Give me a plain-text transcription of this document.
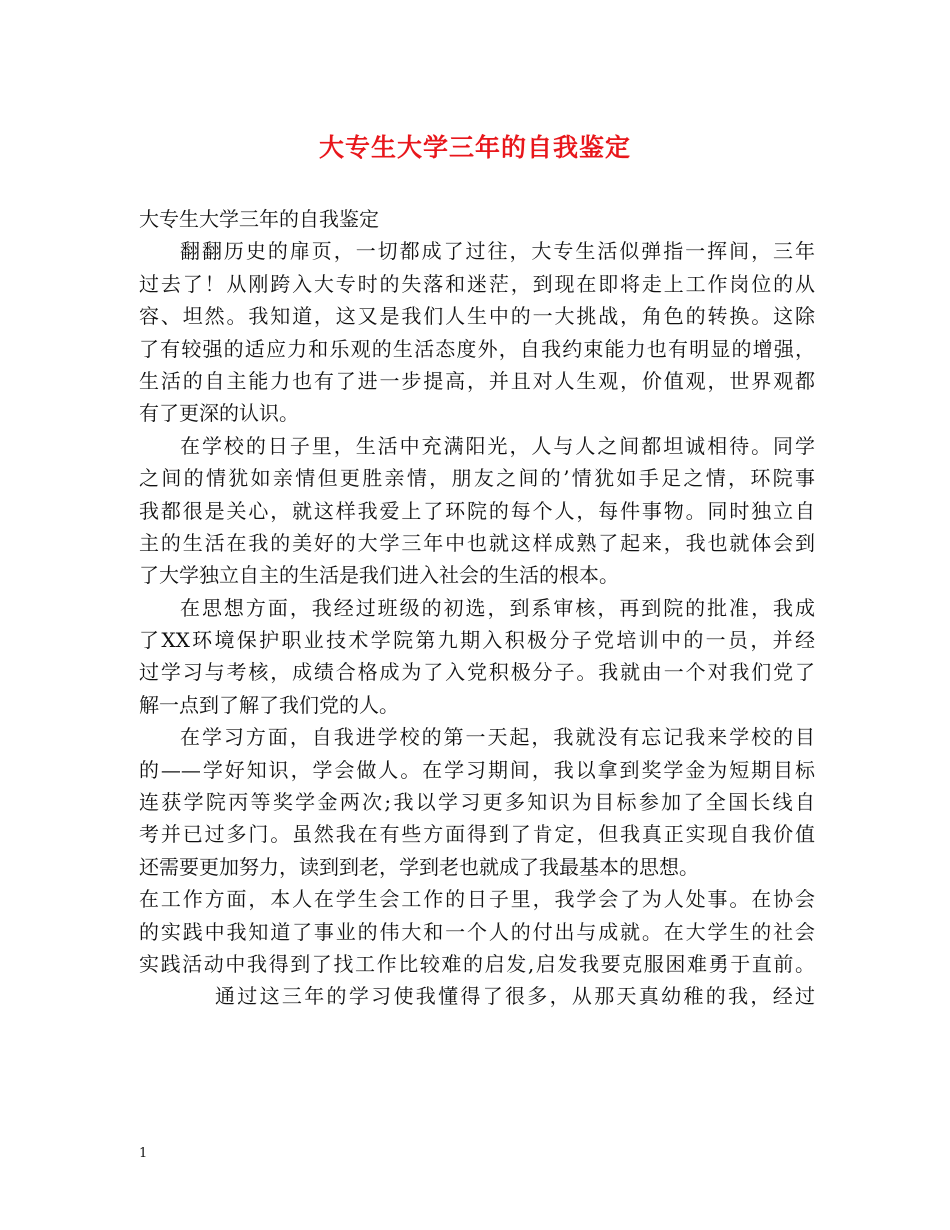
大专生大学三年的自我鉴定
大专生大学三年的自我鉴定
翻翻历史的扉页，一切都成了过往，大专生活似弹指一挥间，三年
过去了！从刚跨入大专时的失落和迷茫，到现在即将走上工作岗位的从
容、坦然。我知道，这又是我们人生中的一大挑战，角色的转换。这除
了有较强的适应力和乐观的生活态度外，自我约束能力也有明显的增强，
生活的自主能力也有了进一步提高，并且对人生观，价值观，世界观都
有了更深的认识。
在学校的日子里，生活中充满阳光，人与人之间都坦诚相待。同学
之间的情犹如亲情但更胜亲情，朋友之间的’情犹如手足之情，环院事
我都很是关心，就这样我爱上了环院的每个人，每件事物。同时独立自
主的生活在我的美好的大学三年中也就这样成熟了起来，我也就体会到
了大学独立自主的生活是我们进入社会的生活的根本。
在思想方面，我经过班级的初选，到系审核，再到院的批准，我成
了XX环境保护职业技术学院第九期入积极分子党培训中的一员，并经
过学习与考核，成绩合格成为了入党积极分子。我就由一个对我们党了
解一点到了解了我们党的人。
在学习方面，自我进学校的第一天起，我就没有忘记我来学校的目
的——学好知识，学会做人。在学习期间，我以拿到奖学金为短期目标
连获学院丙等奖学金两次;我以学习更多知识为目标参加了全国长线自
考并已过多门。虽然我在有些方面得到了肯定，但我真正实现自我价值
还需要更加努力，读到到老，学到老也就成了我最基本的思想。
在工作方面，本人在学生会工作的日子里，我学会了为人处事。在协会
的实践中我知道了事业的伟大和一个人的付出与成就。在大学生的社会
实践活动中我得到了找工作比较难的启发,启发我要克服困难勇于直前。
通过这三年的学习使我懂得了很多，从那天真幼稚的我，经过
1
